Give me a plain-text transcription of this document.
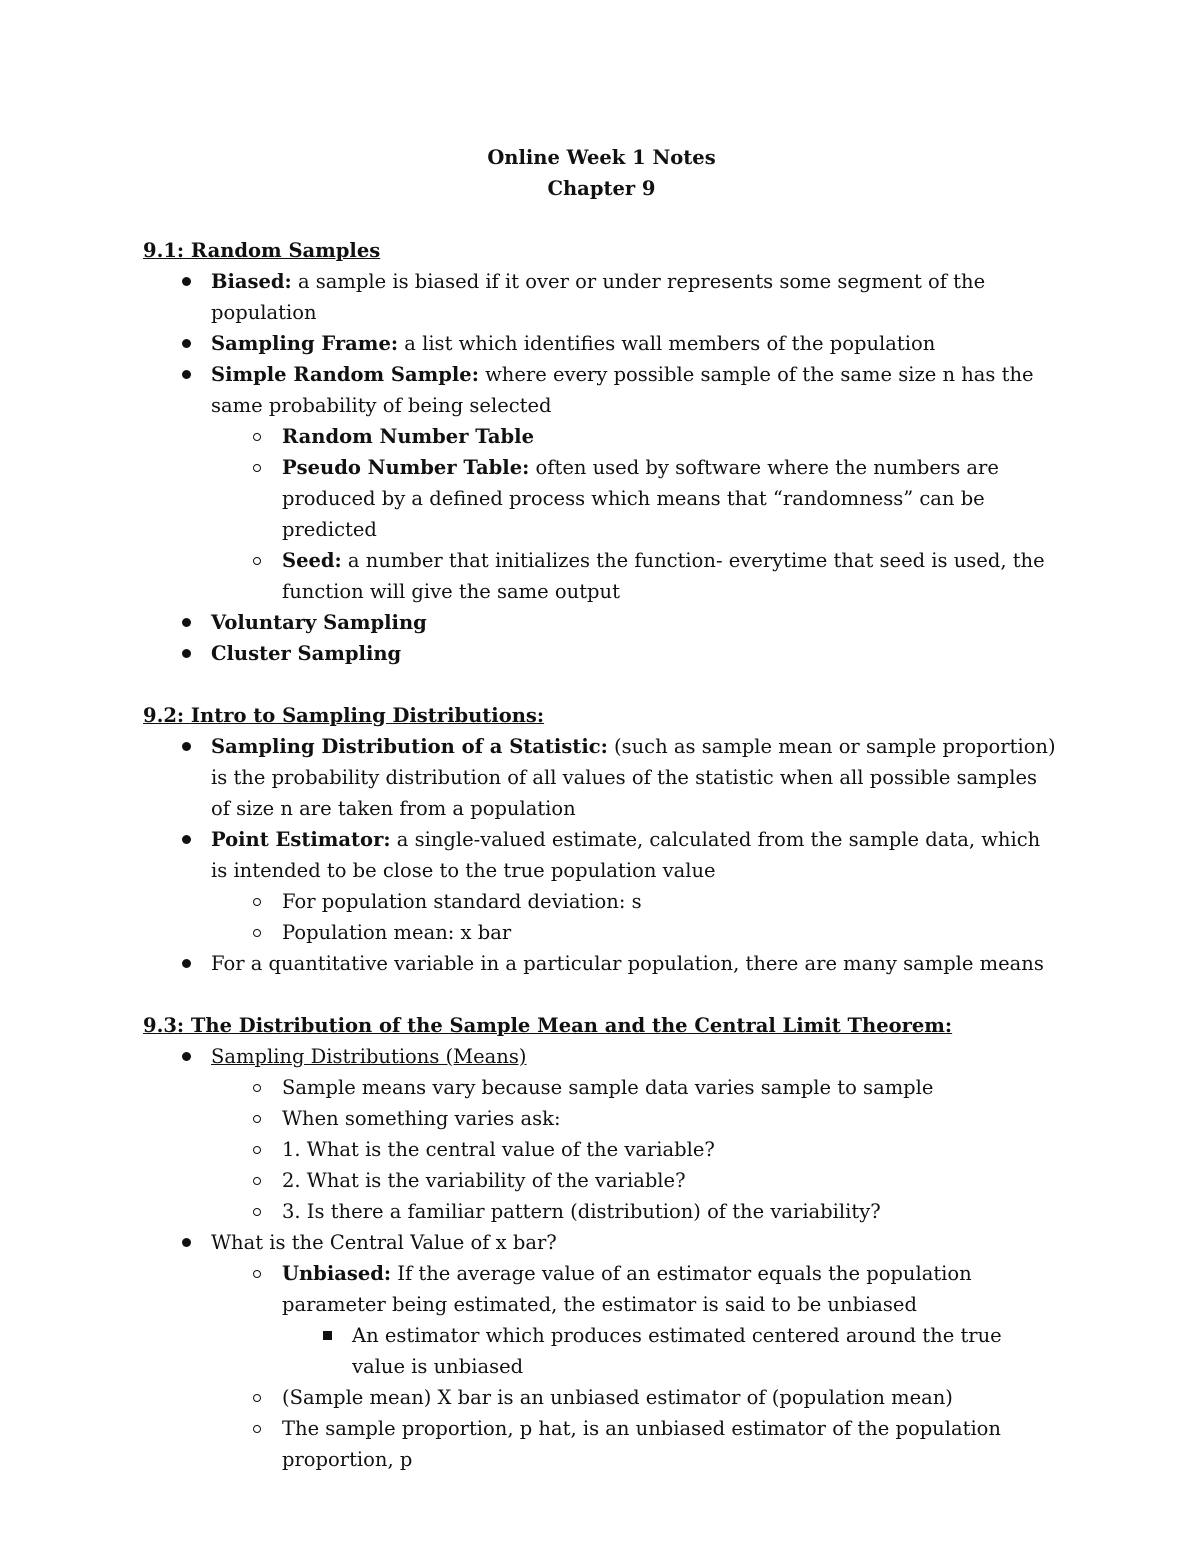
Online Week 1 Notes

Chapter 9

9.1: Random Samples

Biased: a sample is biased if it over or under represents some segment of the population
Sampling Frame: a list which identifies wall members of the population
Simple Random Sample: where every possible sample of the same size n has the same probability of being selected
Random Number Table
Pseudo Number Table: often used by software where the numbers are produced by a defined process which means that “randomness” can be predicted
Seed: a number that initializes the function- everytime that seed is used, the function will give the same output
Voluntary Sampling
Cluster Sampling

9.2: Intro to Sampling Distributions:

Sampling Distribution of a Statistic: (such as sample mean or sample proportion) is the probability distribution of all values of the statistic when all possible samples of size n are taken from a population
Point Estimator: a single-valued estimate, calculated from the sample data, which is intended to be close to the true population value
For population standard deviation: s
Population mean: x bar
For a quantitative variable in a particular population, there are many sample means

9.3: The Distribution of the Sample Mean and the Central Limit Theorem:

Sampling Distributions (Means)
Sample means vary because sample data varies sample to sample
When something varies ask:
1. What is the central value of the variable?
2. What is the variability of the variable?
3. Is there a familiar pattern (distribution) of the variability?
What is the Central Value of x bar?
Unbiased: If the average value of an estimator equals the population parameter being estimated, the estimator is said to be unbiased
An estimator which produces estimated centered around the true value is unbiased
(Sample mean) X bar is an unbiased estimator of (population mean)
The sample proportion, p hat, is an unbiased estimator of the population proportion, p
